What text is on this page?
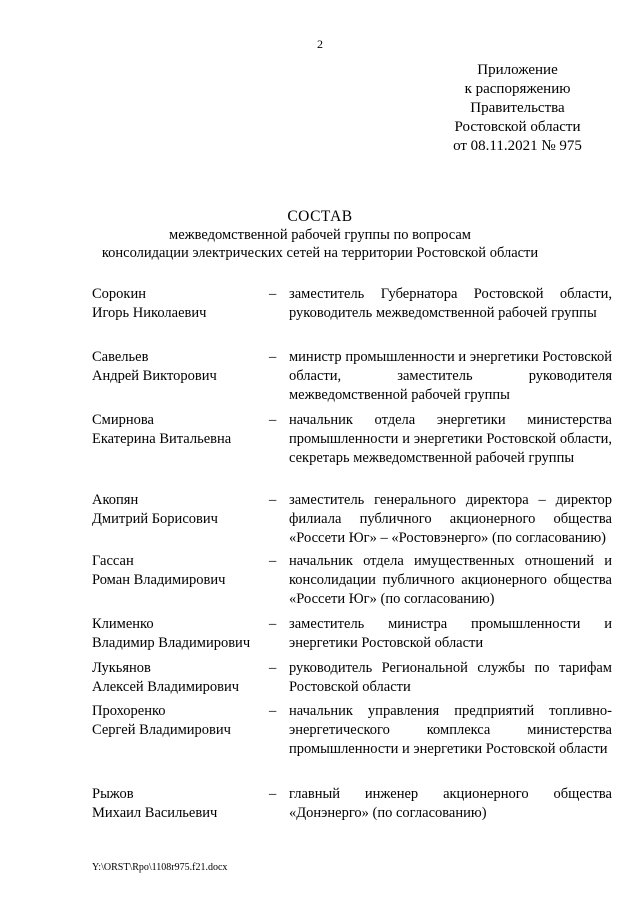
2
Приложение
к распоряжению
Правительства
Ростовской области
от 08.11.2021 № 975
СОСТАВ
межведомственной рабочей группы по вопросам
консолидации электрических сетей на территории Ростовской области
Сорокин
Игорь Николаевич
– заместитель Губернатора Ростовской области, руководитель межведомственной рабочей группы
Савельев
Андрей Викторович
– министр промышленности и энергетики Ростовской области, заместитель руководителя межведомственной рабочей группы
Смирнова
Екатерина Витальевна
– начальник отдела энергетики министерства промышленности и энергетики Ростовской области, секретарь межведомственной рабочей группы
Акопян
Дмитрий Борисович
– заместитель генерального директора – директор филиала публичного акционерного общества «Россети Юг» – «Ростовэнерго» (по согласованию)
Гассан
Роман Владимирович
– начальник отдела имущественных отношений и консолидации публичного акционерного общества «Россети Юг» (по согласованию)
Клименко
Владимир Владимирович
– заместитель министра промышленности и энергетики Ростовской области
Лукьянов
Алексей Владимирович
– руководитель Региональной службы по тарифам Ростовской области
Прохоренко
Сергей Владимирович
– начальник управления предприятий топливно-энергетического комплекса министерства промышленности и энергетики Ростовской области
Рыжов
Михаил Васильевич
– главный инженер акционерного общества «Донэнерго» (по согласованию)
Y:\ORST\Rpo\1108r975.f21.docx
